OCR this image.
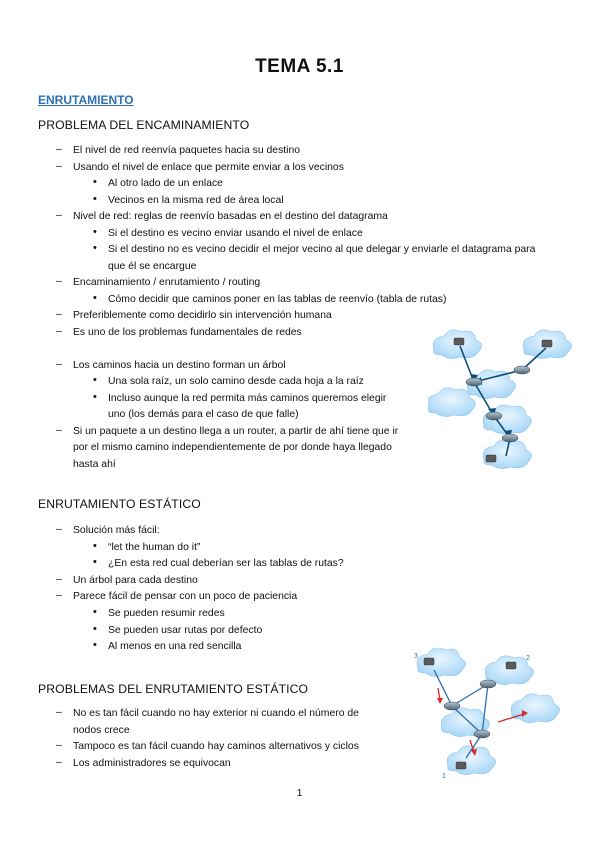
TEMA 5.1
ENRUTAMIENTO
PROBLEMA DEL ENCAMINAMIENTO
– El nivel de red reenvía paquetes hacia su destino
– Usando el nivel de enlace que permite enviar a los vecinos
• Al otro lado de un enlace
• Vecinos en la misma red de área local
– Nivel de red: reglas de reenvío basadas en el destino del datagrama
• Si el destino es vecino enviar usando el nivel de enlace
• Si el destino no es vecino decidir el mejor vecino al que delegar y enviarle el datagrama para
que él se encargue
– Encaminamiento / enrutamiento / routing
• Cómo decidir que caminos poner en las tablas de reenvío (tabla de rutas)
– Preferiblemente como decidirlo sin intervención humana
– Es uno de los problemas fundamentales de redes
– Los caminos hacia un destino forman un árbol
• Una sola raíz, un solo camino desde cada hoja a la raíz
• Incluso aunque la red permita más caminos queremos elegir
uno (los demás para el caso de que falle)
– Si un paquete a un destino llega a un router, a partir de ahí tiene que ir
por el mismo camino independientemente de por donde haya llegado
hasta ahí
ENRUTAMIENTO ESTÁTICO
– Solución más fácil:
• “let the human do it”
• ¿En esta red cual deberían ser las tablas de rutas?
– Un árbol para cada destino
– Parece fácil de pensar con un poco de paciencia
• Se pueden resumir redes
• Se pueden usar rutas por defecto
• Al menos en una red sencilla
PROBLEMAS DEL ENRUTAMIENTO ESTÁTICO
– No es tan fácil cuando no hay exterior ni cuando el número de
nodos crece
– Tampoco es tan fácil cuando hay caminos alternativos y ciclos
– Los administradores se equivocan
3	2
1
1
